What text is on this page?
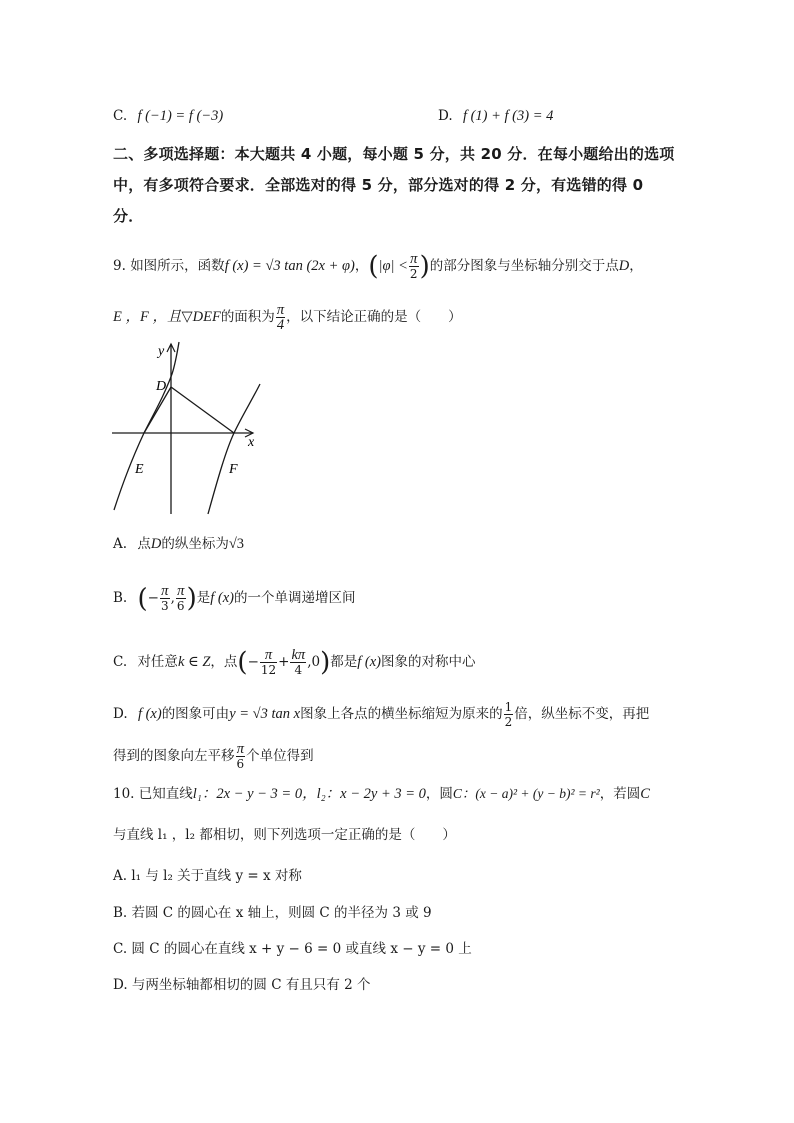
C. f (−1) = f (−3)	D. f (1) + f (3) = 4
二、多项选择题：本大题共 4 小题，每小题 5 分，共 20 分．在每小题给出的选项
中，有多项符合要求．全部选对的得 5 分，部分选对的得 2 分，有选错的得 0
分．
9. 如图所示，函数f (x) = √3 tan (2x + φ)，($|\varphi| < \frac{\pi}{2}$ )的部分图象与坐标轴分别交于点D，
E ，F ，且▽DEF的面积为 $\frac{\pi}{4}$ ，以下结论正确的是（　　）
y
x
D
E	F
A. 点D的纵坐标为√3
B. (− $\frac{\pi}{3}$ , $\frac{\pi}{6}$ )是f (x)的一个单调递增区间
C. 对任意k ∈ Z，点(− $\frac{\pi}{12} + \frac{k\pi}{4} ,0$)都是f (x)图象的对称中心
D. f (x)的图象可由y = √3 tan x图象上各点的横坐标缩短为原来的 $\frac{1}{2}$ 倍，纵坐标不变，再把
得到的图象向左平移 $\frac{\pi}{6}$ 个单位得到
10. 已知直线l₁：2x − y − 3 = 0，l₂：x − 2y + 3 = 0，圆C：(x − a)² + (y − b)² = r²，若圆C
与直线 l₁ ，l₂ 都相切，则下列选项一定正确的是（　　）
A. l₁ 与 l₂ 关于直线 y = x 对称
B. 若圆 C 的圆心在 x 轴上，则圆 C 的半径为 3 或 9
C. 圆 C 的圆心在直线 x + y − 6 = 0 或直线 x − y = 0 上
D. 与两坐标轴都相切的圆 C 有且只有 2 个
